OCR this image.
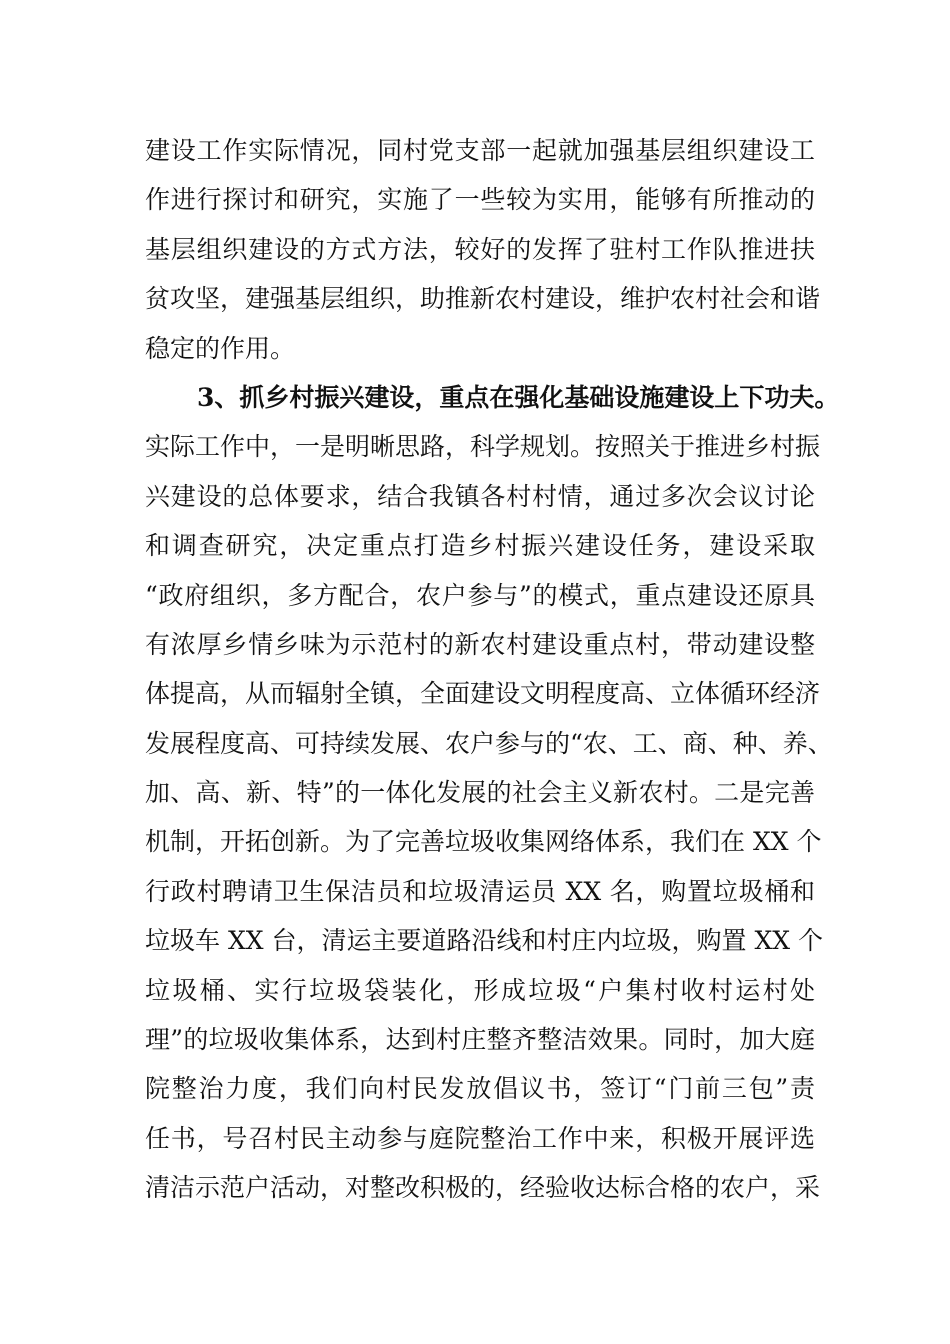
建设工作实际情况，同村党支部一起就加强基层组织建设工
作进行探讨和研究，实施了一些较为实用，能够有所推动的
基层组织建设的方式方法，较好的发挥了驻村工作队推进扶
贫攻坚，建强基层组织，助推新农村建设，维护农村社会和谐
稳定的作用。
3、抓乡村振兴建设，重点在强化基础设施建设上下功夫。
实际工作中，一是明晰思路，科学规划。按照关于推进乡村振
兴建设的总体要求，结合我镇各村村情，通过多次会议讨论
和调查研究，决定重点打造乡村振兴建设任务，建设采取
“政府组织，多方配合，农户参与”的模式，重点建设还原具
有浓厚乡情乡味为示范村的新农村建设重点村，带动建设整
体提高，从而辐射全镇，全面建设文明程度高、立体循环经济
发展程度高、可持续发展、农户参与的“农、工、商、种、养、
加、高、新、特”的一体化发展的社会主义新农村。二是完善
机制，开拓创新。为了完善垃圾收集网络体系，我们在 XX 个
行政村聘请卫生保洁员和垃圾清运员 XX 名，购置垃圾桶和
垃圾车 XX 台，清运主要道路沿线和村庄内垃圾，购置 XX 个
垃圾桶、实行垃圾袋装化，形成垃圾“户集村收村运村处
理”的垃圾收集体系，达到村庄整齐整洁效果。同时，加大庭
院整治力度，我们向村民发放倡议书，签订“门前三包”责
任书，号召村民主动参与庭院整治工作中来，积极开展评选
清洁示范户活动，对整改积极的，经验收达标合格的农户，采
